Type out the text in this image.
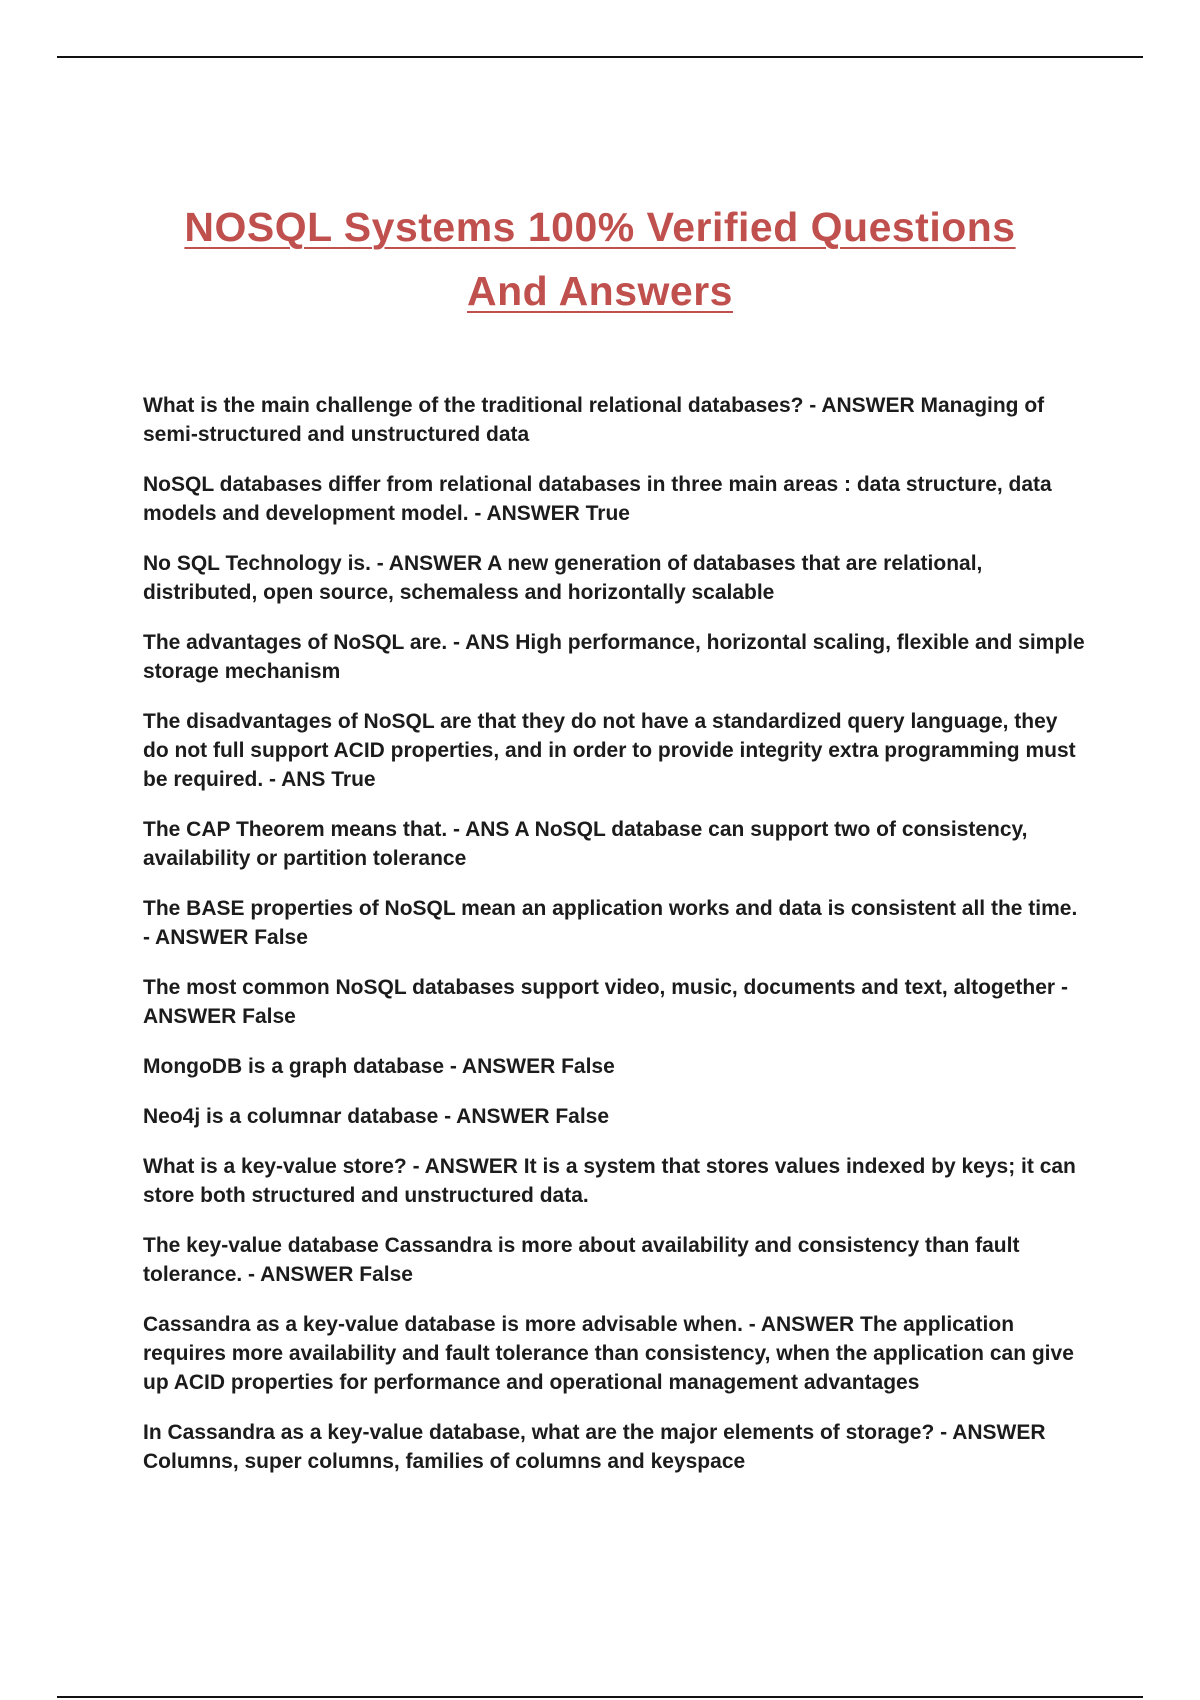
NOSQL Systems 100% Verified Questions
And Answers

What is the main challenge of the traditional relational databases? - ANSWER Managing of semi-structured and unstructured data

NoSQL databases differ from relational databases in three main areas : data structure, data models and development model. - ANSWER True

No SQL Technology is. - ANSWER A new generation of databases that are relational, distributed, open source, schemaless and horizontally scalable

The advantages of NoSQL are. - ANS High performance, horizontal scaling, flexible and simple storage mechanism

The disadvantages of NoSQL are that they do not have a standardized query language, they do not full support ACID properties, and in order to provide integrity extra programming must be required. - ANS True

The CAP Theorem means that. - ANS A NoSQL database can support two of consistency, availability or partition tolerance

The BASE properties of NoSQL mean an application works and data is consistent all the time. - ANSWER False

The most common NoSQL databases support video, music, documents and text, altogether - ANSWER False

MongoDB is a graph database - ANSWER False

Neo4j is a columnar database - ANSWER False

What is a key-value store? - ANSWER It is a system that stores values indexed by keys; it can store both structured and unstructured data.

The key-value database Cassandra is more about availability and consistency than fault tolerance. - ANSWER False

Cassandra as a key-value database is more advisable when. - ANSWER The application requires more availability and fault tolerance than consistency, when the application can give up ACID properties for performance and operational management advantages

In Cassandra as a key-value database, what are the major elements of storage? - ANSWER Columns, super columns, families of columns and keyspace
